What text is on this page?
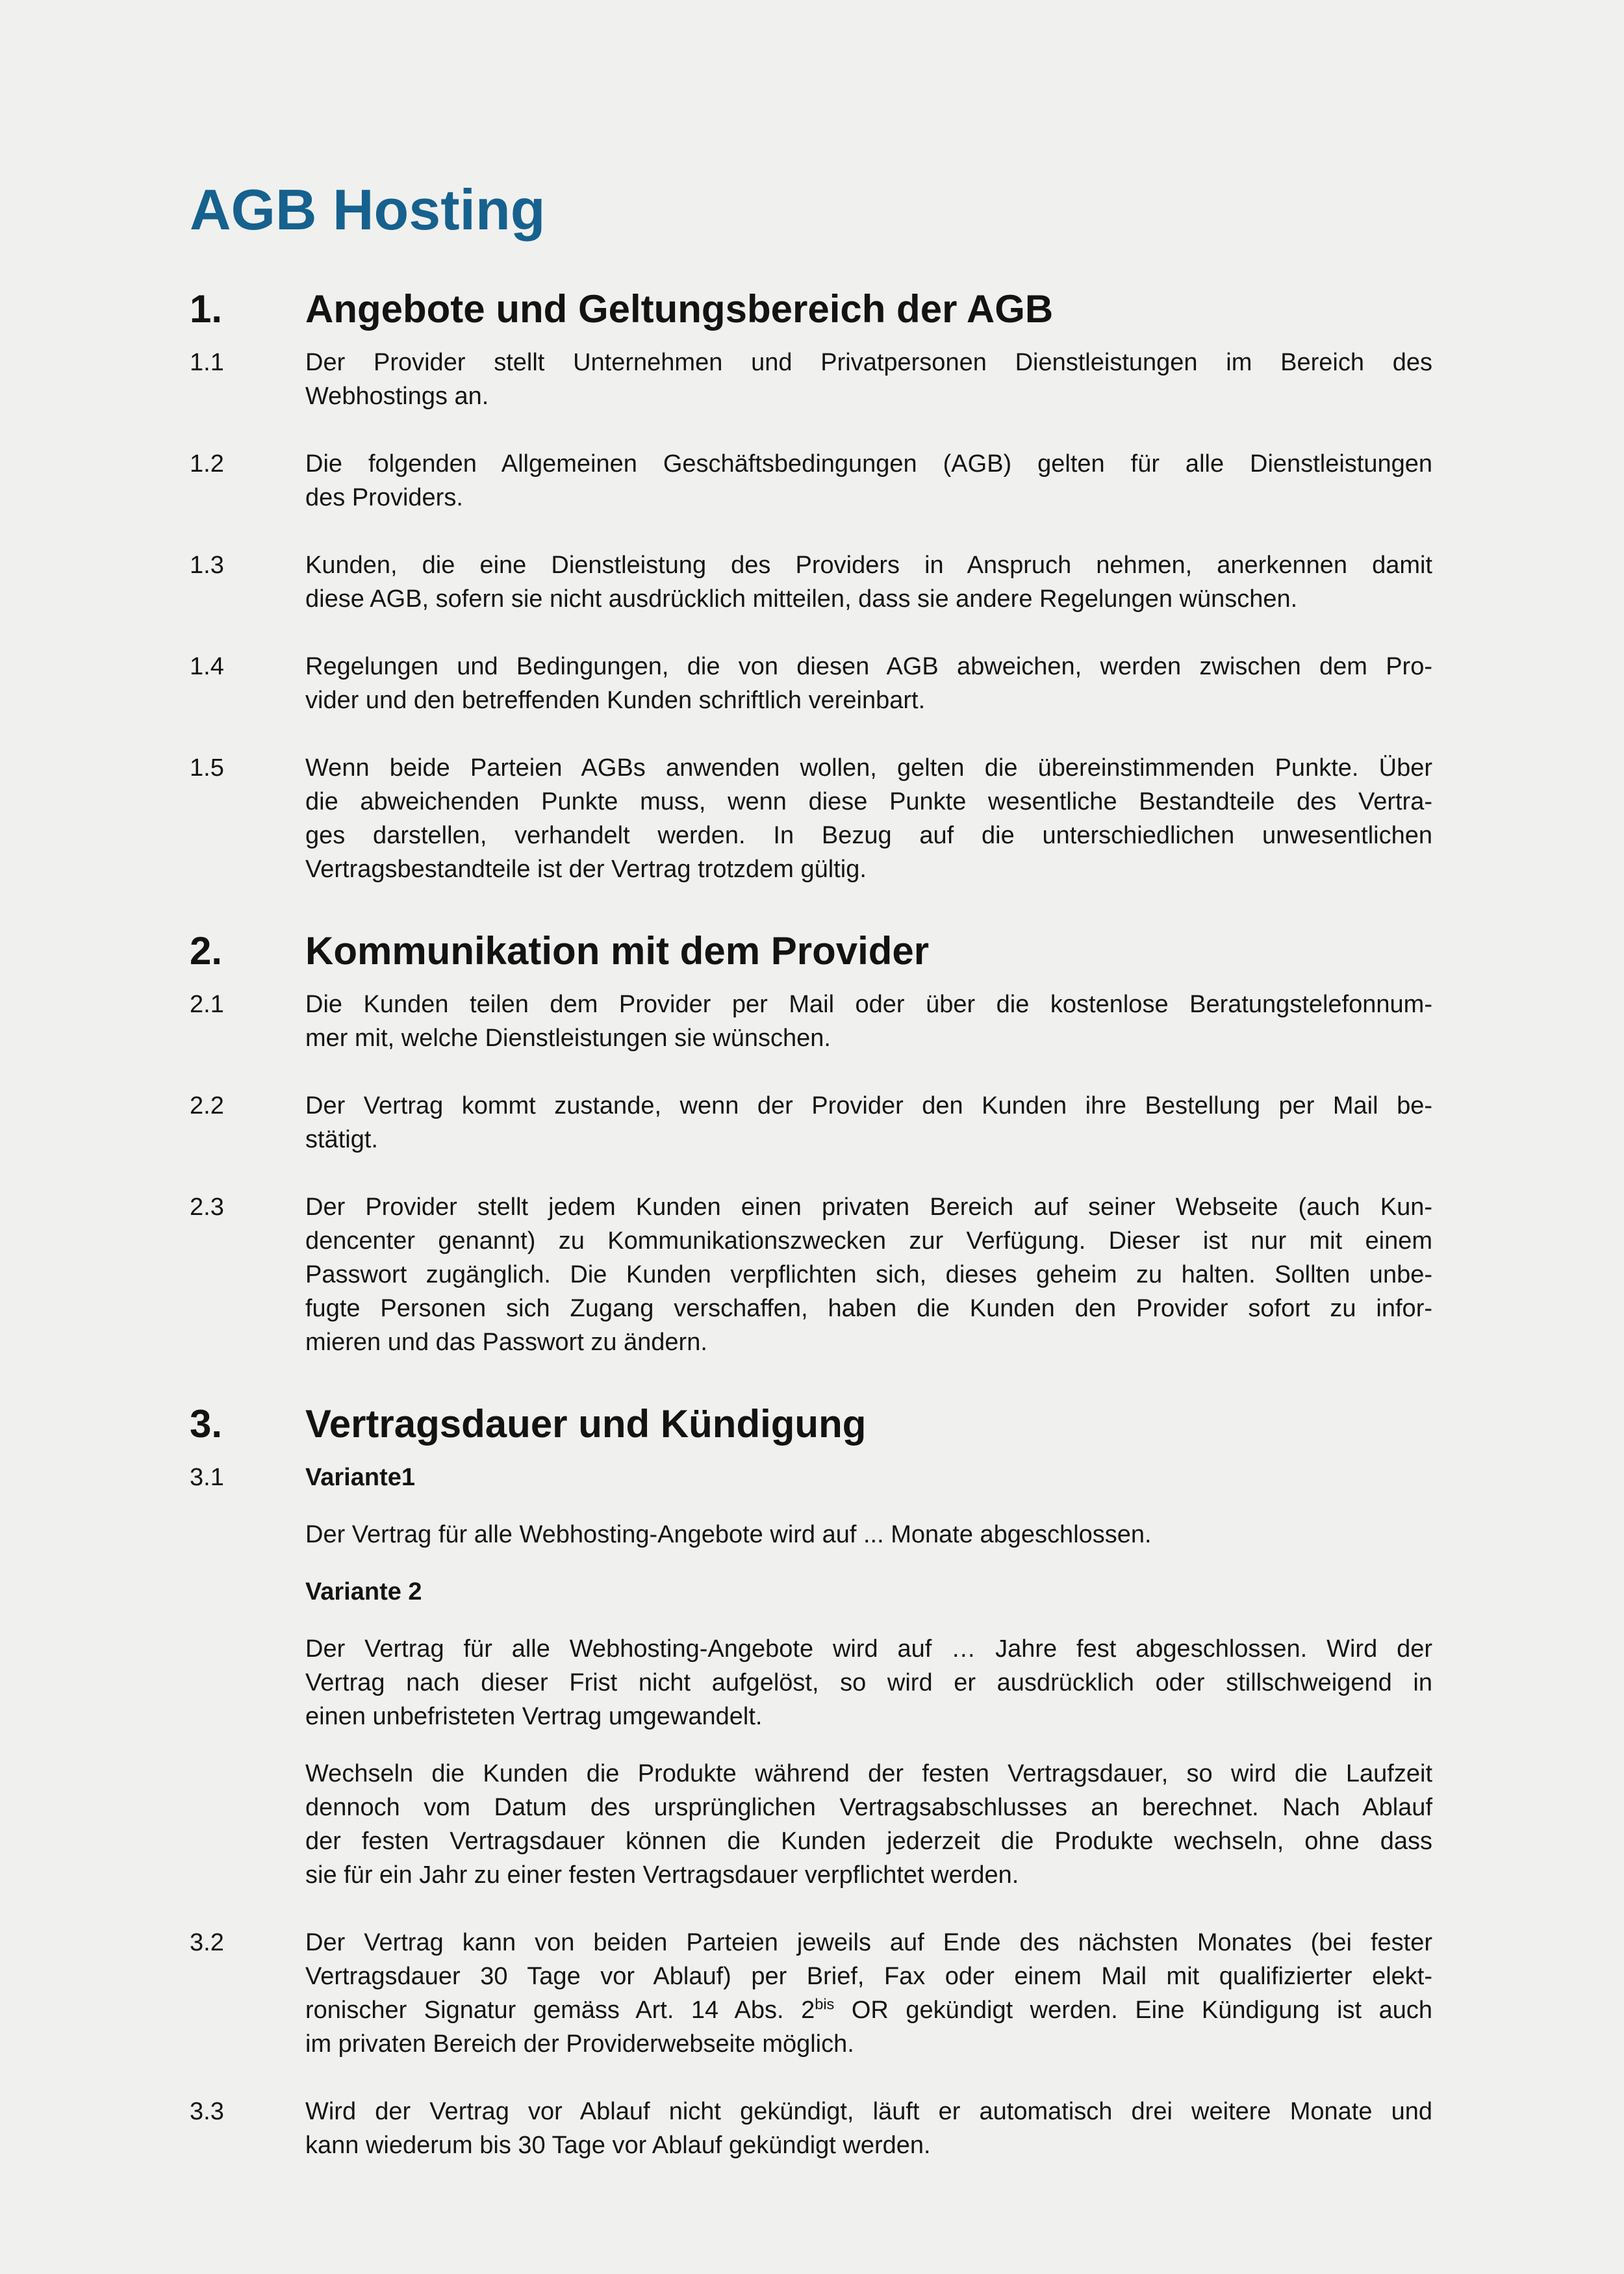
AGB Hosting
1.	Angebote und Geltungsbereich der AGB
1.1	Der Provider stellt Unternehmen und Privatpersonen Dienstleistungen im Bereich des
Webhostings an.
1.2	Die folgenden Allgemeinen Geschäftsbedingungen (AGB) gelten für alle Dienstleistungen
des Providers.
1.3	Kunden, die eine Dienstleistung des Providers in Anspruch nehmen, anerkennen damit
diese AGB, sofern sie nicht ausdrücklich mitteilen, dass sie andere Regelungen wünschen.
1.4	Regelungen und Bedingungen, die von diesen AGB abweichen, werden zwischen dem Pro-
vider und den betreffenden Kunden schriftlich vereinbart.
1.5	Wenn beide Parteien AGBs anwenden wollen, gelten die übereinstimmenden Punkte. Über
die abweichenden Punkte muss, wenn diese Punkte wesentliche Bestandteile des Vertra-
ges darstellen, verhandelt werden. In Bezug auf die unterschiedlichen unwesentlichen
Vertragsbestandteile ist der Vertrag trotzdem gültig.
2.	Kommunikation mit dem Provider
2.1	Die Kunden teilen dem Provider per Mail oder über die kostenlose Beratungstelefonnum-
mer mit, welche Dienstleistungen sie wünschen.
2.2	Der Vertrag kommt zustande, wenn der Provider den Kunden ihre Bestellung per Mail be-
stätigt.
2.3	Der Provider stellt jedem Kunden einen privaten Bereich auf seiner Webseite (auch Kun-
dencenter genannt) zu Kommunikationszwecken zur Verfügung. Dieser ist nur mit einem
Passwort zugänglich. Die Kunden verpflichten sich, dieses geheim zu halten. Sollten unbe-
fugte Personen sich Zugang verschaffen, haben die Kunden den Provider sofort zu infor-
mieren und das Passwort zu ändern.
3.	Vertragsdauer und Kündigung
3.1	Variante1
Der Vertrag für alle Webhosting-Angebote wird auf ... Monate abgeschlossen.
Variante 2
Der Vertrag für alle Webhosting-Angebote wird auf … Jahre fest abgeschlossen. Wird der
Vertrag nach dieser Frist nicht aufgelöst, so wird er ausdrücklich oder stillschweigend in
einen unbefristeten Vertrag umgewandelt.
Wechseln die Kunden die Produkte während der festen Vertragsdauer, so wird die Laufzeit
dennoch vom Datum des ursprünglichen Vertragsabschlusses an berechnet. Nach Ablauf
der festen Vertragsdauer können die Kunden jederzeit die Produkte wechseln, ohne dass
sie für ein Jahr zu einer festen Vertragsdauer verpflichtet werden.
3.2	Der Vertrag kann von beiden Parteien jeweils auf Ende des nächsten Monates (bei fester
Vertragsdauer 30 Tage vor Ablauf) per Brief, Fax oder einem Mail mit qualifizierter elekt-
ronischer Signatur gemäss Art. 14 Abs. $2^{bis}$ OR gekündigt werden. Eine Kündigung ist auch
im privaten Bereich der Providerwebseite möglich.
3.3	Wird der Vertrag vor Ablauf nicht gekündigt, läuft er automatisch drei weitere Monate und
kann wiederum bis 30 Tage vor Ablauf gekündigt werden.
